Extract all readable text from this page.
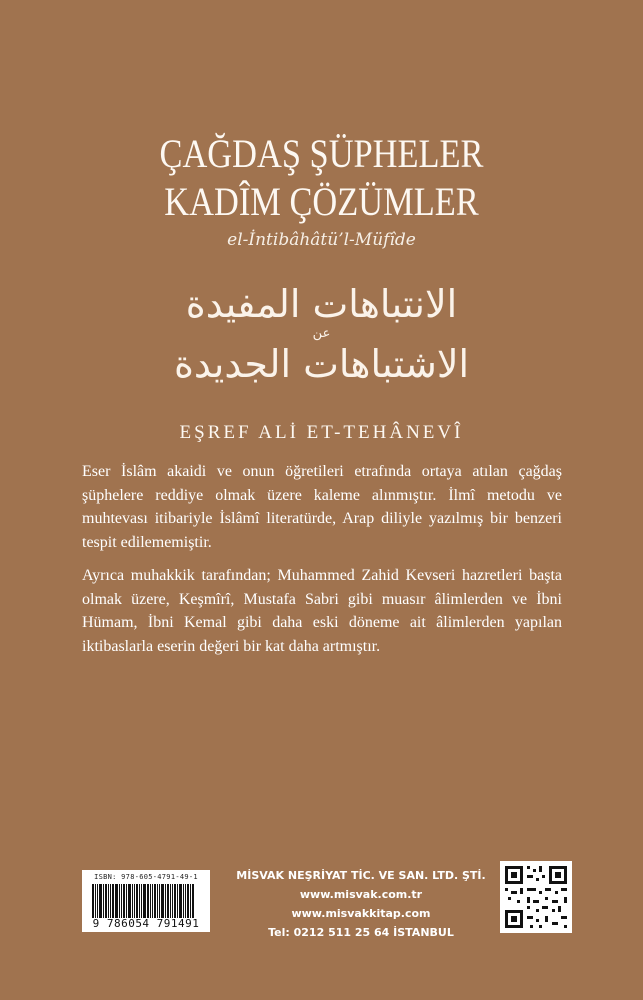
ÇAĞDAŞ ŞÜPHELER
KADÎM ÇÖZÜMLER
el-İntibâhâtü’l-Müfîde
الانتباهات المفيدة
عن
الاشتباهات الجديدة
EŞREF ALİ ET-TEHÂNEVÎ

Eser İslâm akaidi ve onun öğretileri etrafında ortaya atılan çağdaş şüphelere reddiye olmak üzere kaleme alınmıştır. İlmî metodu ve muhtevası itibariyle İslâmî literatürde, Arap diliyle yazılmış bir benzeri tespit edilememiştir.

Ayrıca muhakkik tarafından; Muhammed Zahid Kevseri hazretleri başta olmak üzere, Keşmîrî, Mustafa Sabri gibi muasır âlimlerden ve İbni Hümam, İbni Kemal gibi daha eski döneme ait âlimlerden yapılan iktibaslarla eserin değeri bir kat daha artmıştır.

ISBN: 978-605-4791-49-1
9 786054 791491
MİSVAK NEŞRİYAT TİC. VE SAN. LTD. ŞTİ.
www.misvak.com.tr
www.misvakkitap.com
Tel: 0212 511 25 64 İSTANBUL
